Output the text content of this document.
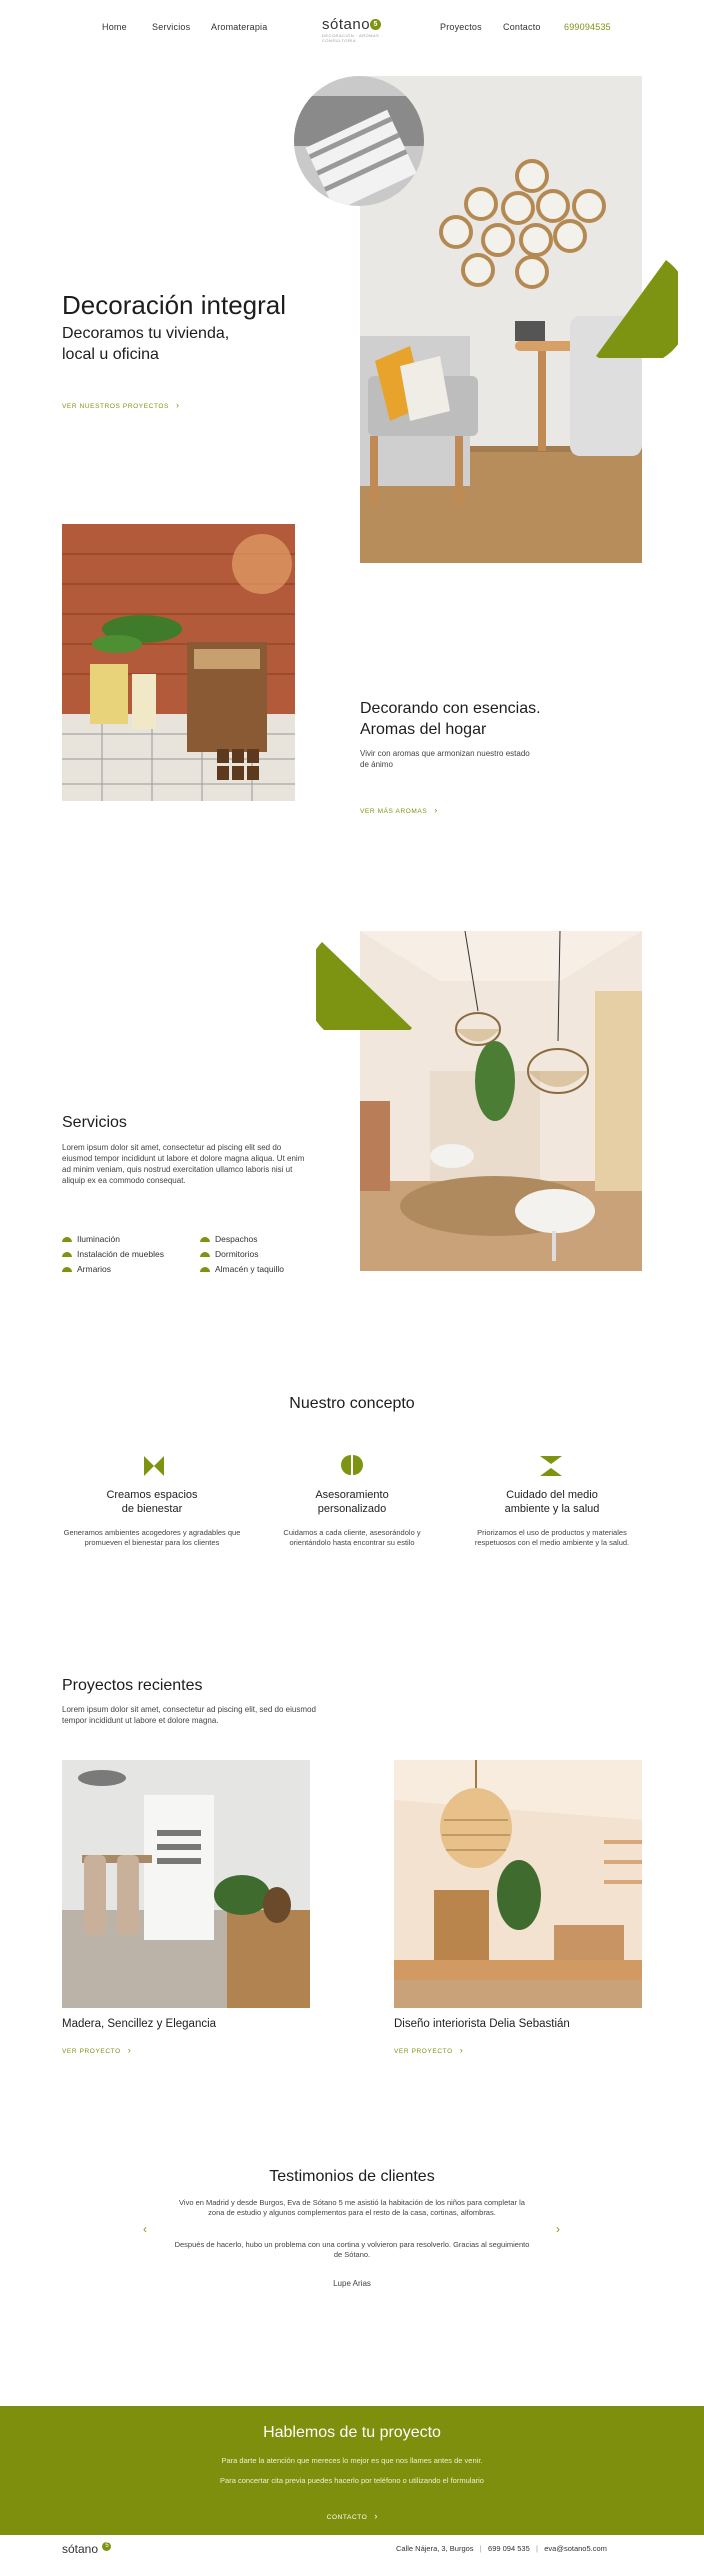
Home	Servicios Aromaterapia	Proyectos Contacto	699094535
sótano 5
DECORACIÓN · AROMAS · CONSULTORÍA
Decoración integral
Decoramos tu vivienda,
local u oficina
VER NUESTROS PROYECTOS  ›
Decorando con esencias.
Aromas del hogar
Vivir con aromas que armonizan nuestro estado de ánimo
VER MÁS AROMAS  ›
Servicios
Lorem ipsum dolor sit amet, consectetur ad piscing elit sed do eiusmod tempor incididunt ut labore et dolore magna aliqua. Ut enim ad minim veniam, quis nostrud exercitation ullamco laboris nisi ut aliquip ex ea commodo consequat.
Iluminación
Instalación de muebles
Armarios
Despachos
Dormitorios
Almacén y taquillo
Nuestro concepto
Creamos espacios
de bienestar
Generamos ambientes acogedores y agradables que promueven el bienestar para los clientes
Asesoramiento
personalizado
Cuidamos a cada cliente, asesorándolo y orientándolo hasta encontrar su estilo
Cuidado del medio
ambiente y la salud
Priorizamos el uso de productos y materiales respetuosos con el medio ambiente y la salud.
Proyectos recientes
Lorem ipsum dolor sit amet, consectetur ad piscing elit, sed do eiusmod tempor incididunt ut labore et dolore magna.
Madera, Sencillez y Elegancia
VER PROYECTO  ›
Diseño interiorista Delia Sebastián
VER PROYECTO  ›
Testimonios de clientes
Vivo en Madrid y desde Burgos, Eva de Sótano 5 me asistió la habitación de los niños para completar la zona de estudio y algunos complementos para el resto de la casa, cortinas, alfombras.
Después de hacerlo, hubo un problema con una cortina y volvieron para resolverlo. Gracias al seguimiento de Sótano.
Lupe Arias
‹	›
Hablemos de tu proyecto
Para darte la atención que mereces lo mejor es que nos llames antes de venir.
Para concertar cita previa puedes hacerlo por teléfono o utilizando el formulario
CONTACTO  ›
sótano 5	Calle Nájera, 3, Burgos   |   699 094 535   |   eva@sotano5.com
